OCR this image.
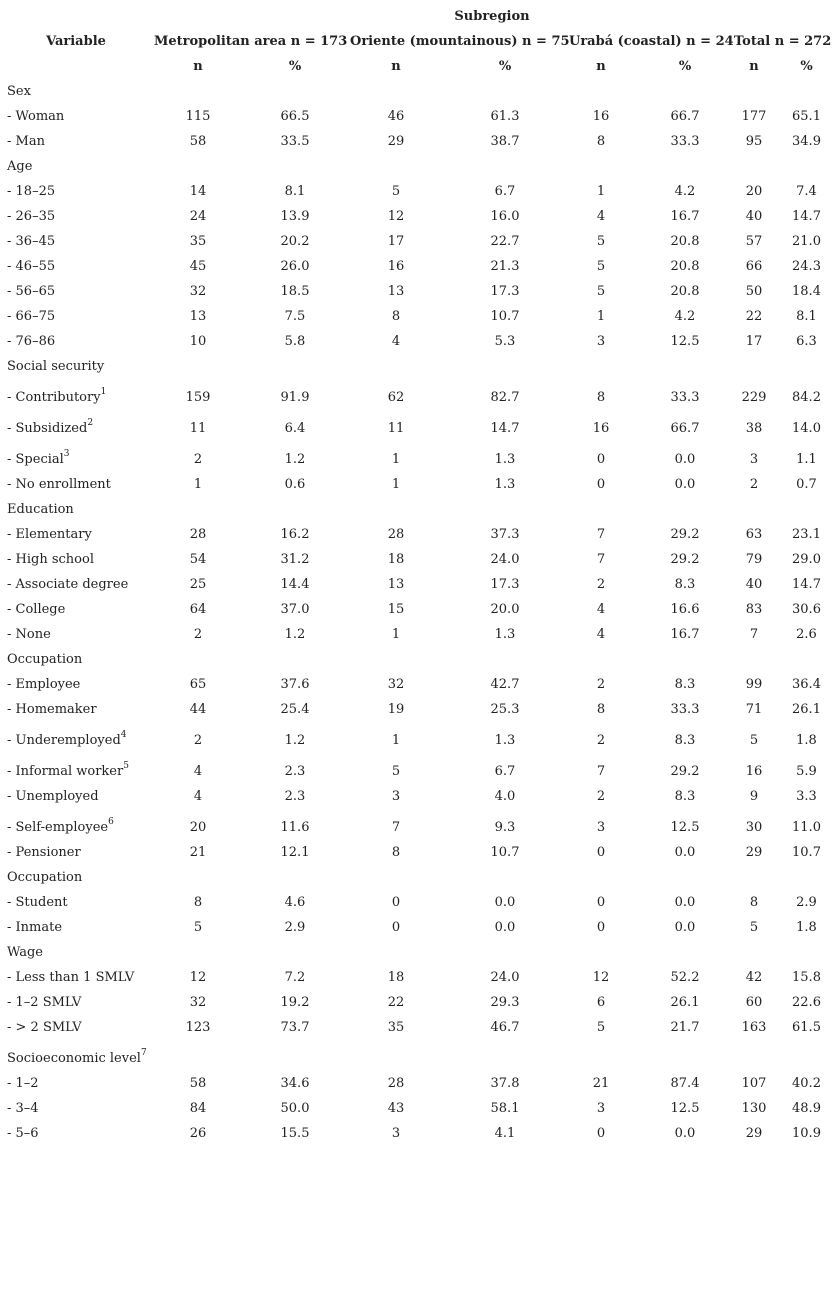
Subregion
Variable	Metropolitan area n = 173 Oriente (mountainous) n = 75 Urabá (coastal) n = 24 Total n = 272
n	%	n	%	n	%	n	%
Sex
- Woman	115	66.5	46	61.3	16	66.7	177	65.1
- Man	58	33.5	29	38.7	8	33.3	95	34.9
Age
- 18–25	14	8.1	5	6.7	1	4.2	20	7.4
- 26–35	24	13.9	12	16.0	4	16.7	40	14.7
- 36–45	35	20.2	17	22.7	5	20.8	57	21.0
- 46–55	45	26.0	16	21.3	5	20.8	66	24.3
- 56–65	32	18.5	13	17.3	5	20.8	50	18.4
- 66–75	13	7.5	8	10.7	1	4.2	22	8.1
- 76–86	10	5.8	4	5.3	3	12.5	17	6.3
Social security
- Contributory$^1$	159	91.9	62	82.7	8	33.3	229	84.2
- Subsidized$^2$	11	6.4	11	14.7	16	66.7	38	14.0
- Special$^3$	2	1.2	1	1.3	0	0.0	3	1.1
- No enrollment	1	0.6	1	1.3	0	0.0	2	0.7
Education
- Elementary	28	16.2	28	37.3	7	29.2	63	23.1
- High school	54	31.2	18	24.0	7	29.2	79	29.0
- Associate degree	25	14.4	13	17.3	2	8.3	40	14.7
- College	64	37.0	15	20.0	4	16.6	83	30.6
- None	2	1.2	1	1.3	4	16.7	7	2.6
Occupation
- Employee	65	37.6	32	42.7	2	8.3	99	36.4
- Homemaker	44	25.4	19	25.3	8	33.3	71	26.1
- Underemployed$^4$	2	1.2	1	1.3	2	8.3	5	1.8
- Informal worker$^5$	4	2.3	5	6.7	7	29.2	16	5.9
- Unemployed	4	2.3	3	4.0	2	8.3	9	3.3
- Self-employee$^6$	20	11.6	7	9.3	3	12.5	30	11.0
- Pensioner	21	12.1	8	10.7	0	0.0	29	10.7
Occupation
- Student	8	4.6	0	0.0	0	0.0	8	2.9
- Inmate	5	2.9	0	0.0	0	0.0	5	1.8
Wage
- Less than 1 SMLV	12	7.2	18	24.0	12	52.2	42	15.8
- 1–2 SMLV	32	19.2	22	29.3	6	26.1	60	22.6
- > 2 SMLV	123	73.7	35	46.7	5	21.7	163	61.5
Socioeconomic level$^7$
- 1–2	58	34.6	28	37.8	21	87.4	107	40.2
- 3–4	84	50.0	43	58.1	3	12.5	130	48.9
- 5–6	26	15.5	3	4.1	0	0.0	29	10.9
